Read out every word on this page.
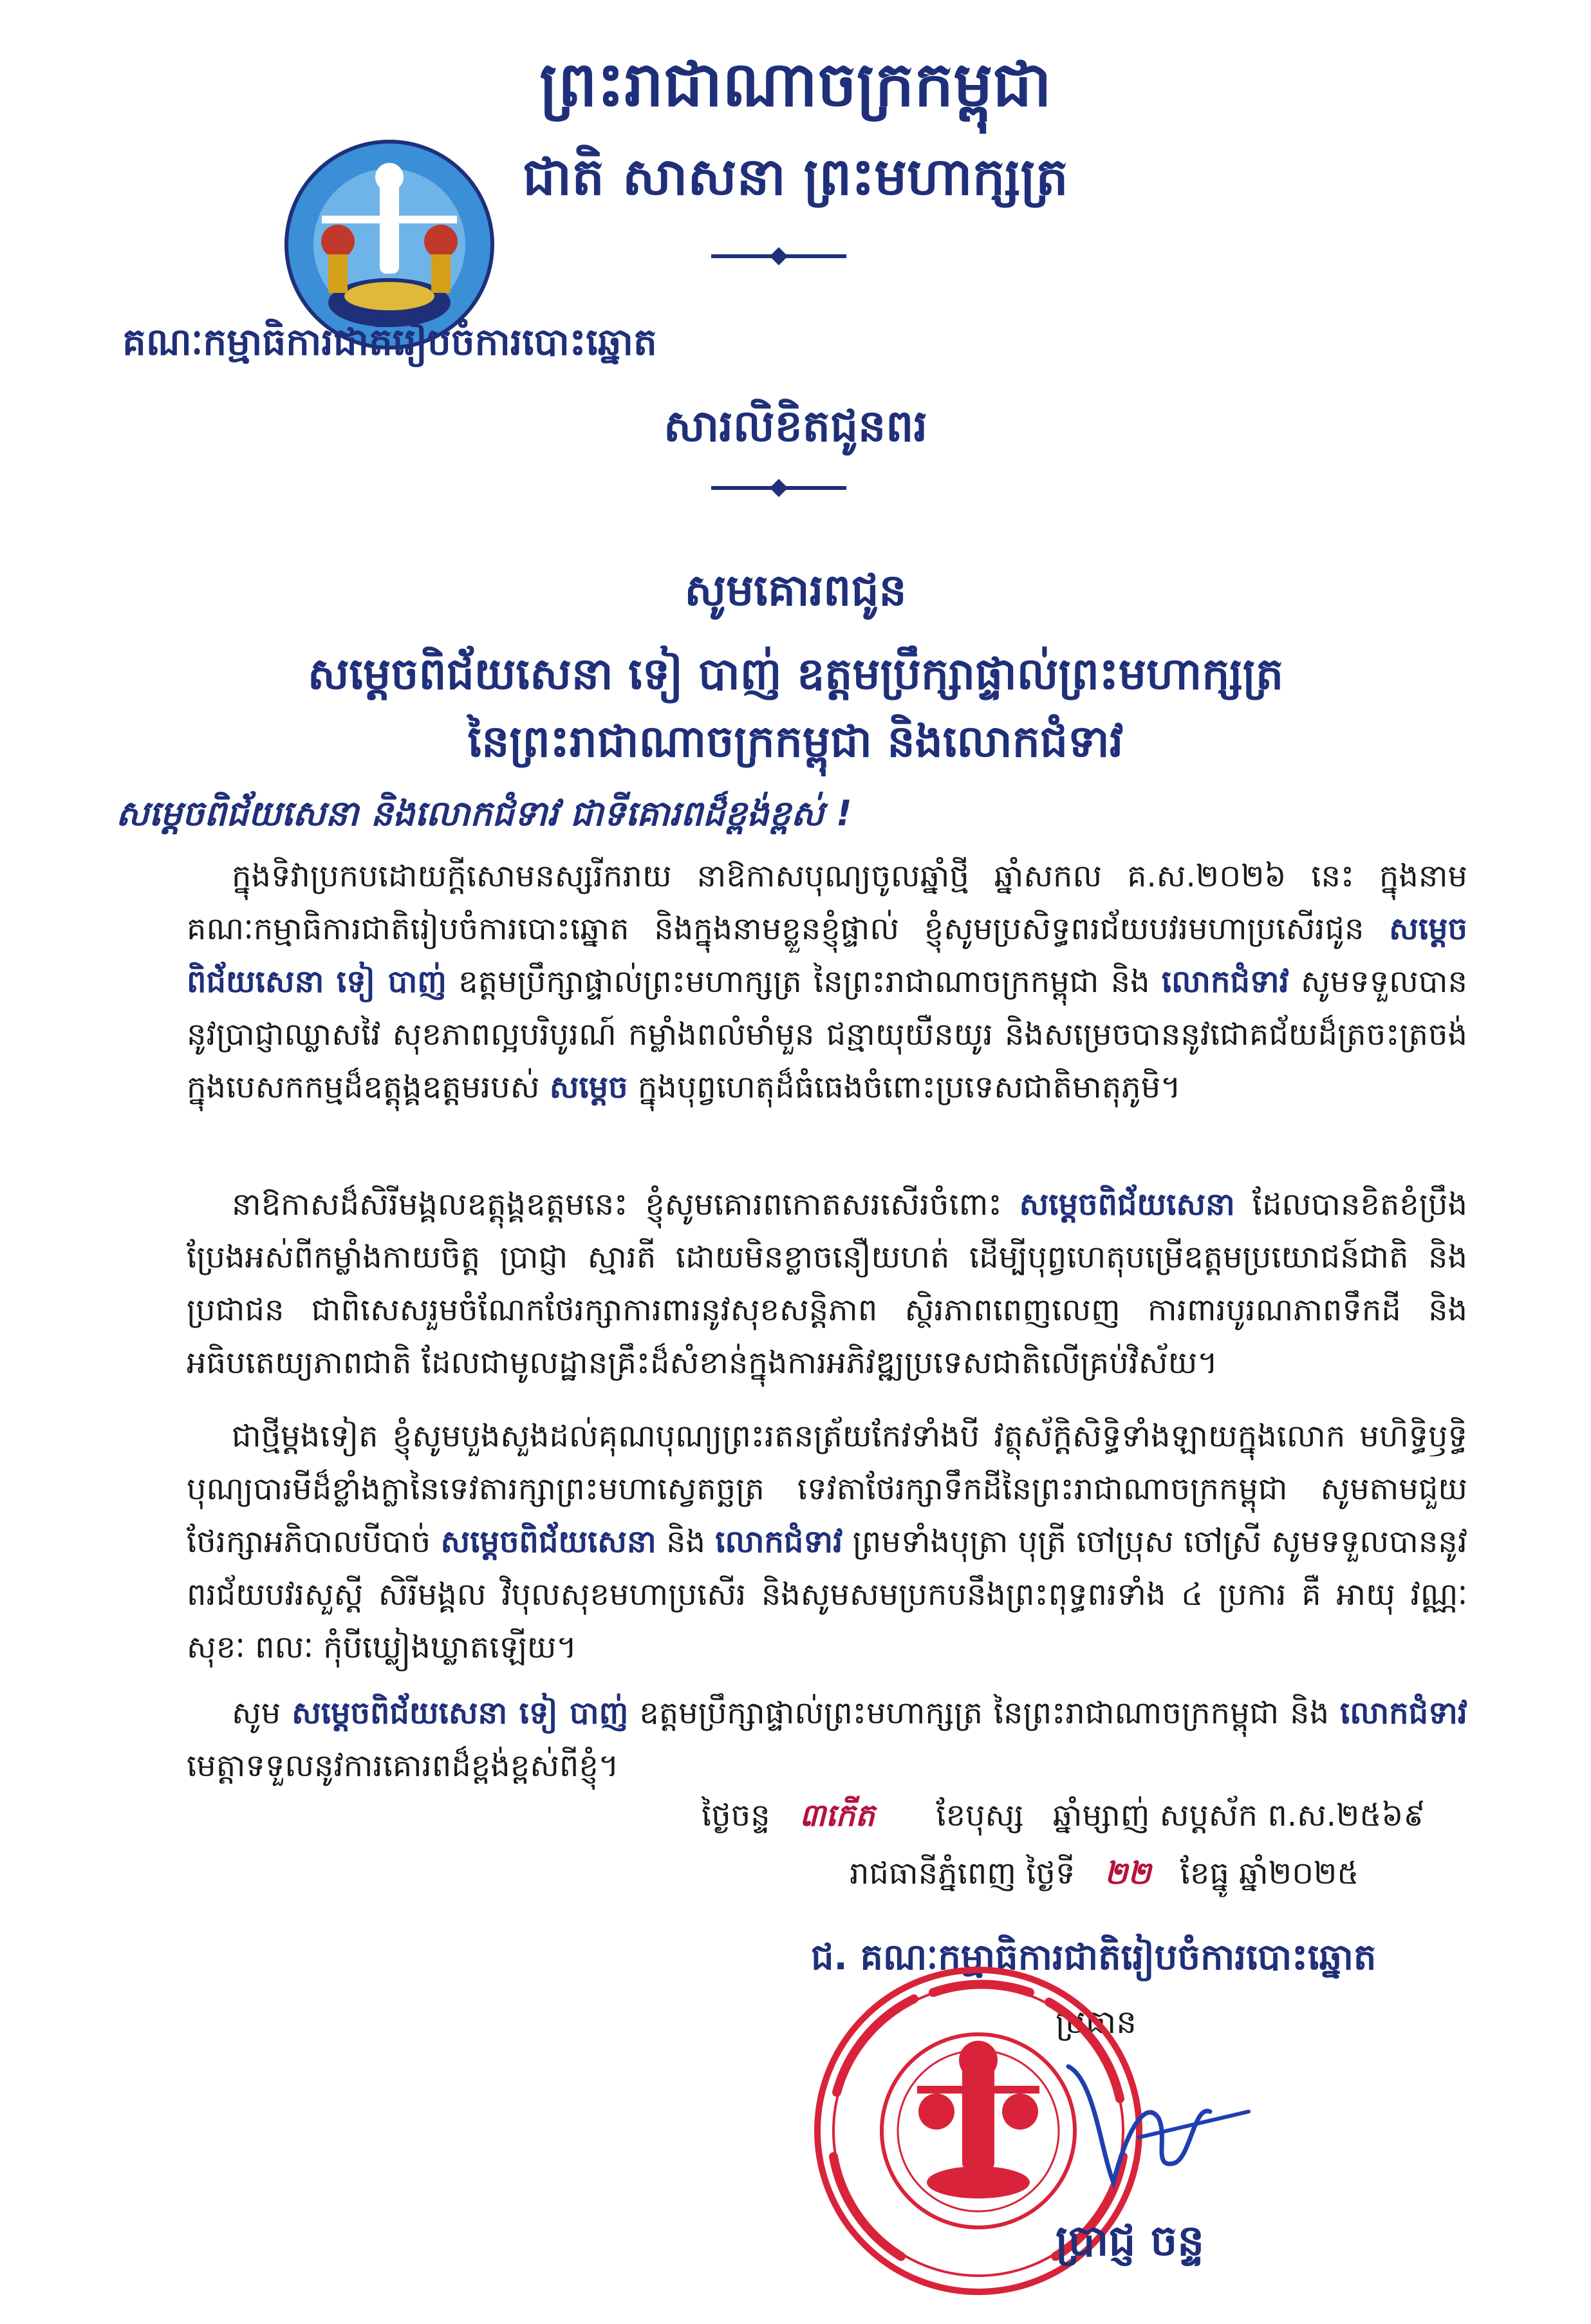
ព្រះរាជាណាចក្រកម្ពុជា
ជាតិ សាសនា ព្រះមហាក្សត្រ
គណៈកម្មាធិការជាតិរៀបចំការបោះឆ្នោត
សារលិខិតជូនពរ
សូមគោរពជូន
សម្តេចពិជ័យសេនា ទៀ បាញ់ ឧត្តមប្រឹក្សាផ្ទាល់ព្រះមហាក្សត្រ
នៃព្រះរាជាណាចក្រកម្ពុជា និងលោកជំទាវ
សម្តេចពិជ័យសេនា និងលោកជំទាវ ជាទីគោរពដ៏ខ្ពង់ខ្ពស់ !
ក្នុងទិវាប្រកបដោយក្តីសោមនស្សរីករាយ នាឱកាសបុណ្យចូលឆ្នាំថ្មី ឆ្នាំសកល គ.ស.២០២៦ នេះ ក្នុងនាមគណៈកម្មាធិការជាតិរៀបចំការបោះឆ្នោត និងក្នុងនាមខ្លួនខ្ញុំផ្ទាល់ ខ្ញុំសូមប្រសិទ្ធពរជ័យបវរមហាប្រសើរជូន សម្តេចពិជ័យសេនា ទៀ បាញ់ ឧត្តមប្រឹក្សាផ្ទាល់ព្រះមហាក្សត្រ នៃព្រះរាជាណាចក្រកម្ពុជា និង លោកជំទាវ សូមទទួលបាននូវប្រាជ្ញាឈ្លាសវៃ សុខភាពល្អបរិបូរណ៍ កម្លាំងពលំមាំមួន ជន្មាយុយឺនយូរ និងសម្រេចបាននូវជោគជ័យដ៏ត្រចះត្រចង់ ក្នុងបេសកកម្មដ៏ឧត្តុង្គឧត្តមរបស់ សម្តេច ក្នុងបុព្វហេតុដ៏ធំធេងចំពោះប្រទេសជាតិមាតុភូមិ។
នាឱកាសដ៏សិរីមង្គលឧត្តុង្គឧត្តមនេះ ខ្ញុំសូមគោរពកោតសរសើរចំពោះ សម្តេចពិជ័យសេនា ដែលបានខិតខំប្រឹងប្រែងអស់ពីកម្លាំងកាយចិត្ត ប្រាជ្ញា ស្មារតី ដោយមិនខ្លាចនឿយហត់ ដើម្បីបុព្វហេតុបម្រើឧត្តមប្រយោជន៍ជាតិ និងប្រជាជន ជាពិសេសរួមចំណែកថែរក្សាការពារនូវសុខសន្តិភាព ស្ថិរភាពពេញលេញ ការពារបូរណភាពទឹកដី និងអធិបតេយ្យភាពជាតិ ដែលជាមូលដ្ឋានគ្រឹះដ៏សំខាន់ក្នុងការអភិវឌ្ឍប្រទេសជាតិលើគ្រប់វិស័យ។
ជាថ្មីម្តងទៀត ខ្ញុំសូមបួងសួងដល់គុណបុណ្យព្រះរតនត្រ័យកែវទាំងបី វត្ថុស័ក្តិសិទ្ធិទាំងឡាយក្នុងលោក មហិទ្ធិឫទ្ធិបុណ្យបារមីដ៏ខ្លាំងក្លានៃទេវតារក្សាព្រះមហាស្វេតច្ឆត្រ ទេវតាថែរក្សាទឹកដីនៃព្រះរាជាណាចក្រកម្ពុជា សូមតាមជួយថែរក្សាអភិបាលបីបាច់ សម្តេចពិជ័យសេនា និង លោកជំទាវ ព្រមទាំងបុត្រា បុត្រី ចៅប្រុស ចៅស្រី សូមទទួលបាននូវពរជ័យបវរសួស្តី សិរីមង្គល វិបុលសុខមហាប្រសើរ និងសូមសមប្រកបនឹងព្រះពុទ្ធពរទាំង ៤ ប្រការ គឺ អាយុ វណ្ណៈ សុខៈ ពលៈ កុំបីឃ្លៀងឃ្លាតឡើយ។
សូម សម្តេចពិជ័យសេនា ទៀ បាញ់ ឧត្តមប្រឹក្សាផ្ទាល់ព្រះមហាក្សត្រ នៃព្រះរាជាណាចក្រកម្ពុជា និង លោកជំទាវ មេត្តាទទួលនូវការគោរពដ៏ខ្ពង់ខ្ពស់ពីខ្ញុំ។
ថ្ងៃចន្ទ ៣កើត ខែបុស្ស ឆ្នាំម្សាញ់ សប្តស័ក ព.ស.២៥៦៩
រាជធានីភ្នំពេញ ថ្ងៃទី ២២ ខែធ្នូ ឆ្នាំ២០២៥
ជ. គណៈកម្មាធិការជាតិរៀបចំការបោះឆ្នោត
ប្រធាន
ប្រាជ្ញ ចន្ទ
